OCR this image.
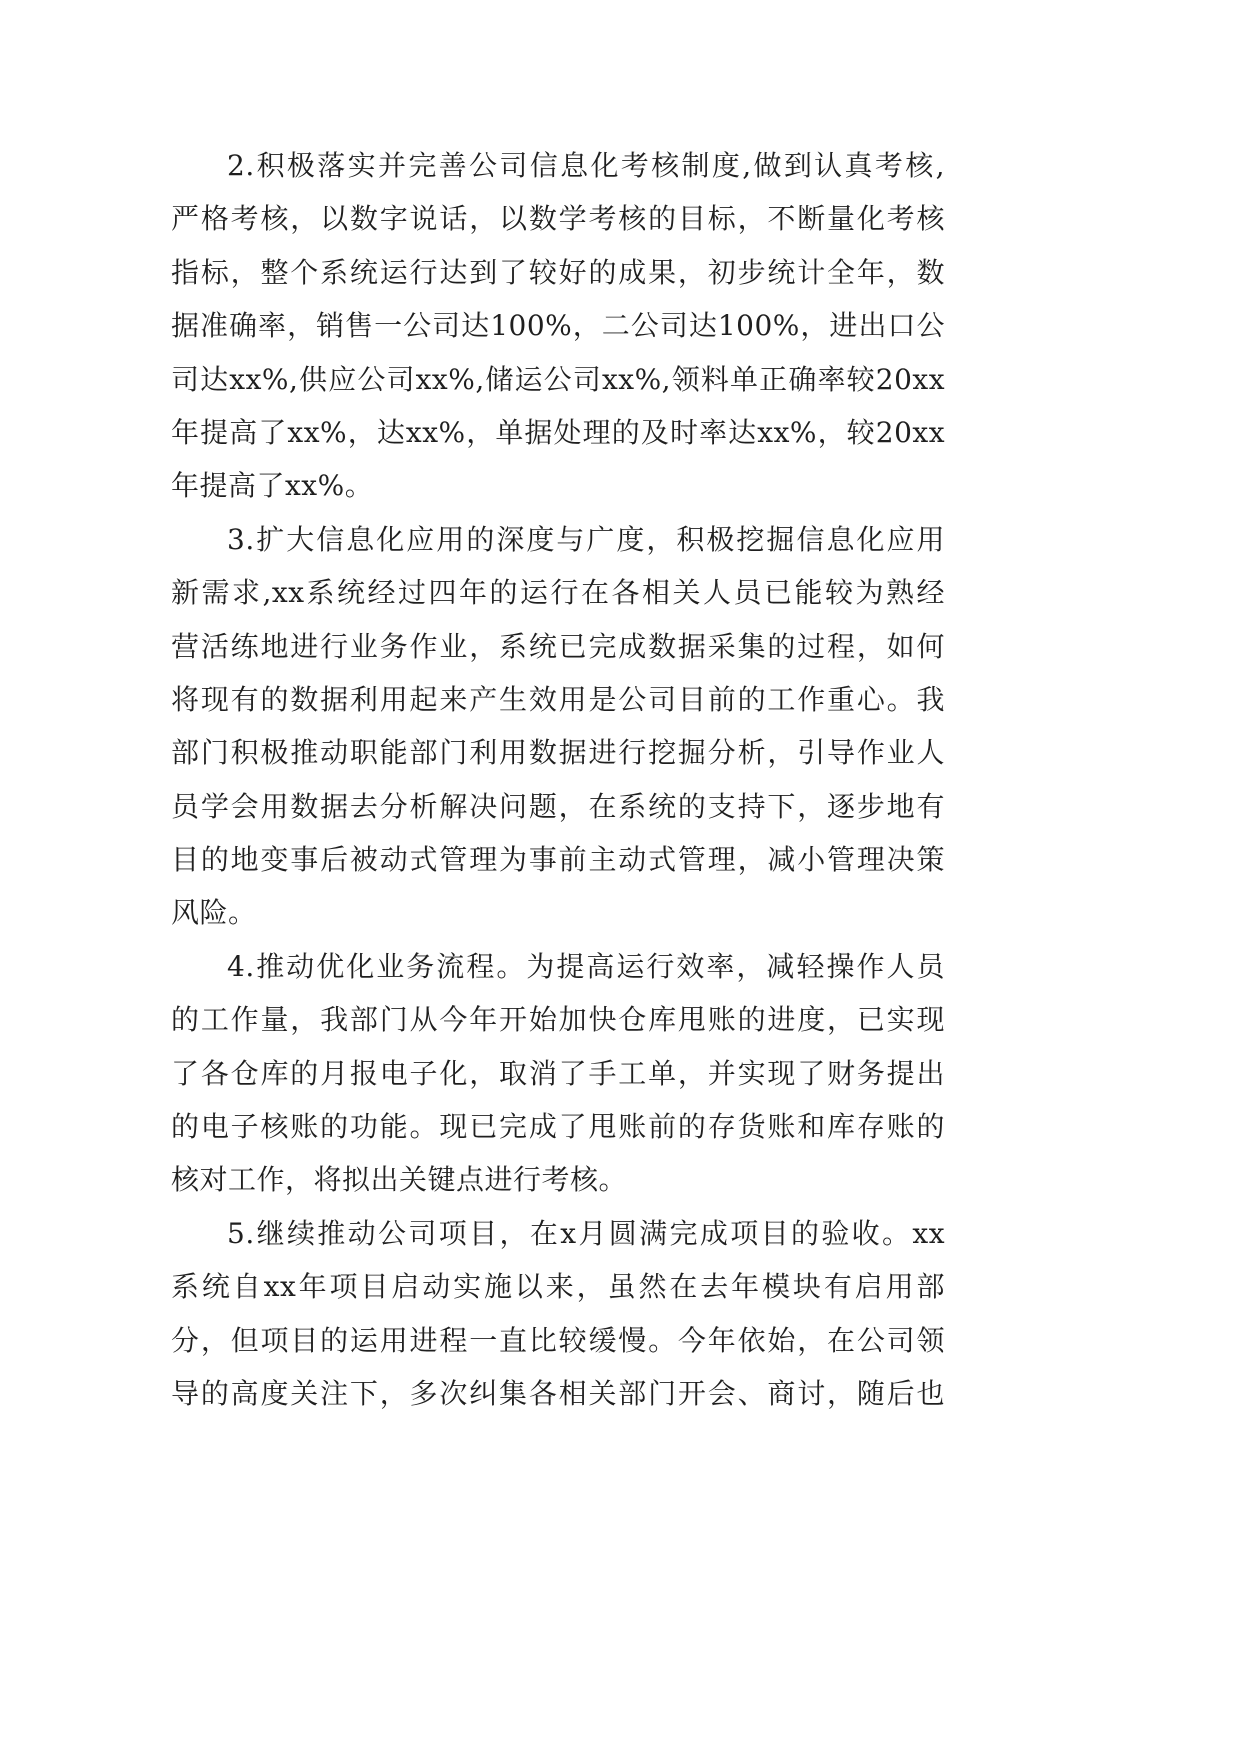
2.积极落实并完善公司信息化考核制度,做到认真考核,
严格考核，以数字说话，以数学考核的目标，不断量化考核
指标，整个系统运行达到了较好的成果，初步统计全年，数
据准确率，销售一公司达100%，二公司达100%，进出口公
司达xx%,供应公司xx%,储运公司xx%,领料单正确率较20xx
年提高了xx%，达xx%，单据处理的及时率达xx%，较20xx
年提高了xx%。
3.扩大信息化应用的深度与广度，积极挖掘信息化应用
新需求,xx系统经过四年的运行在各相关人员已能较为熟经
营活练地进行业务作业，系统已完成数据采集的过程，如何
将现有的数据利用起来产生效用是公司目前的工作重心。我
部门积极推动职能部门利用数据进行挖掘分析，引导作业人
员学会用数据去分析解决问题，在系统的支持下，逐步地有
目的地变事后被动式管理为事前主动式管理，减小管理决策
风险。
4.推动优化业务流程。为提高运行效率，减轻操作人员
的工作量，我部门从今年开始加快仓库甩账的进度，已实现
了各仓库的月报电子化，取消了手工单，并实现了财务提出
的电子核账的功能。现已完成了甩账前的存货账和库存账的
核对工作，将拟出关键点进行考核。
5.继续推动公司项目，在x月圆满完成项目的验收。xx
系统自xx年项目启动实施以来，虽然在去年模块有启用部
分，但项目的运用进程一直比较缓慢。今年依始，在公司领
导的高度关注下，多次纠集各相关部门开会、商讨，随后也
